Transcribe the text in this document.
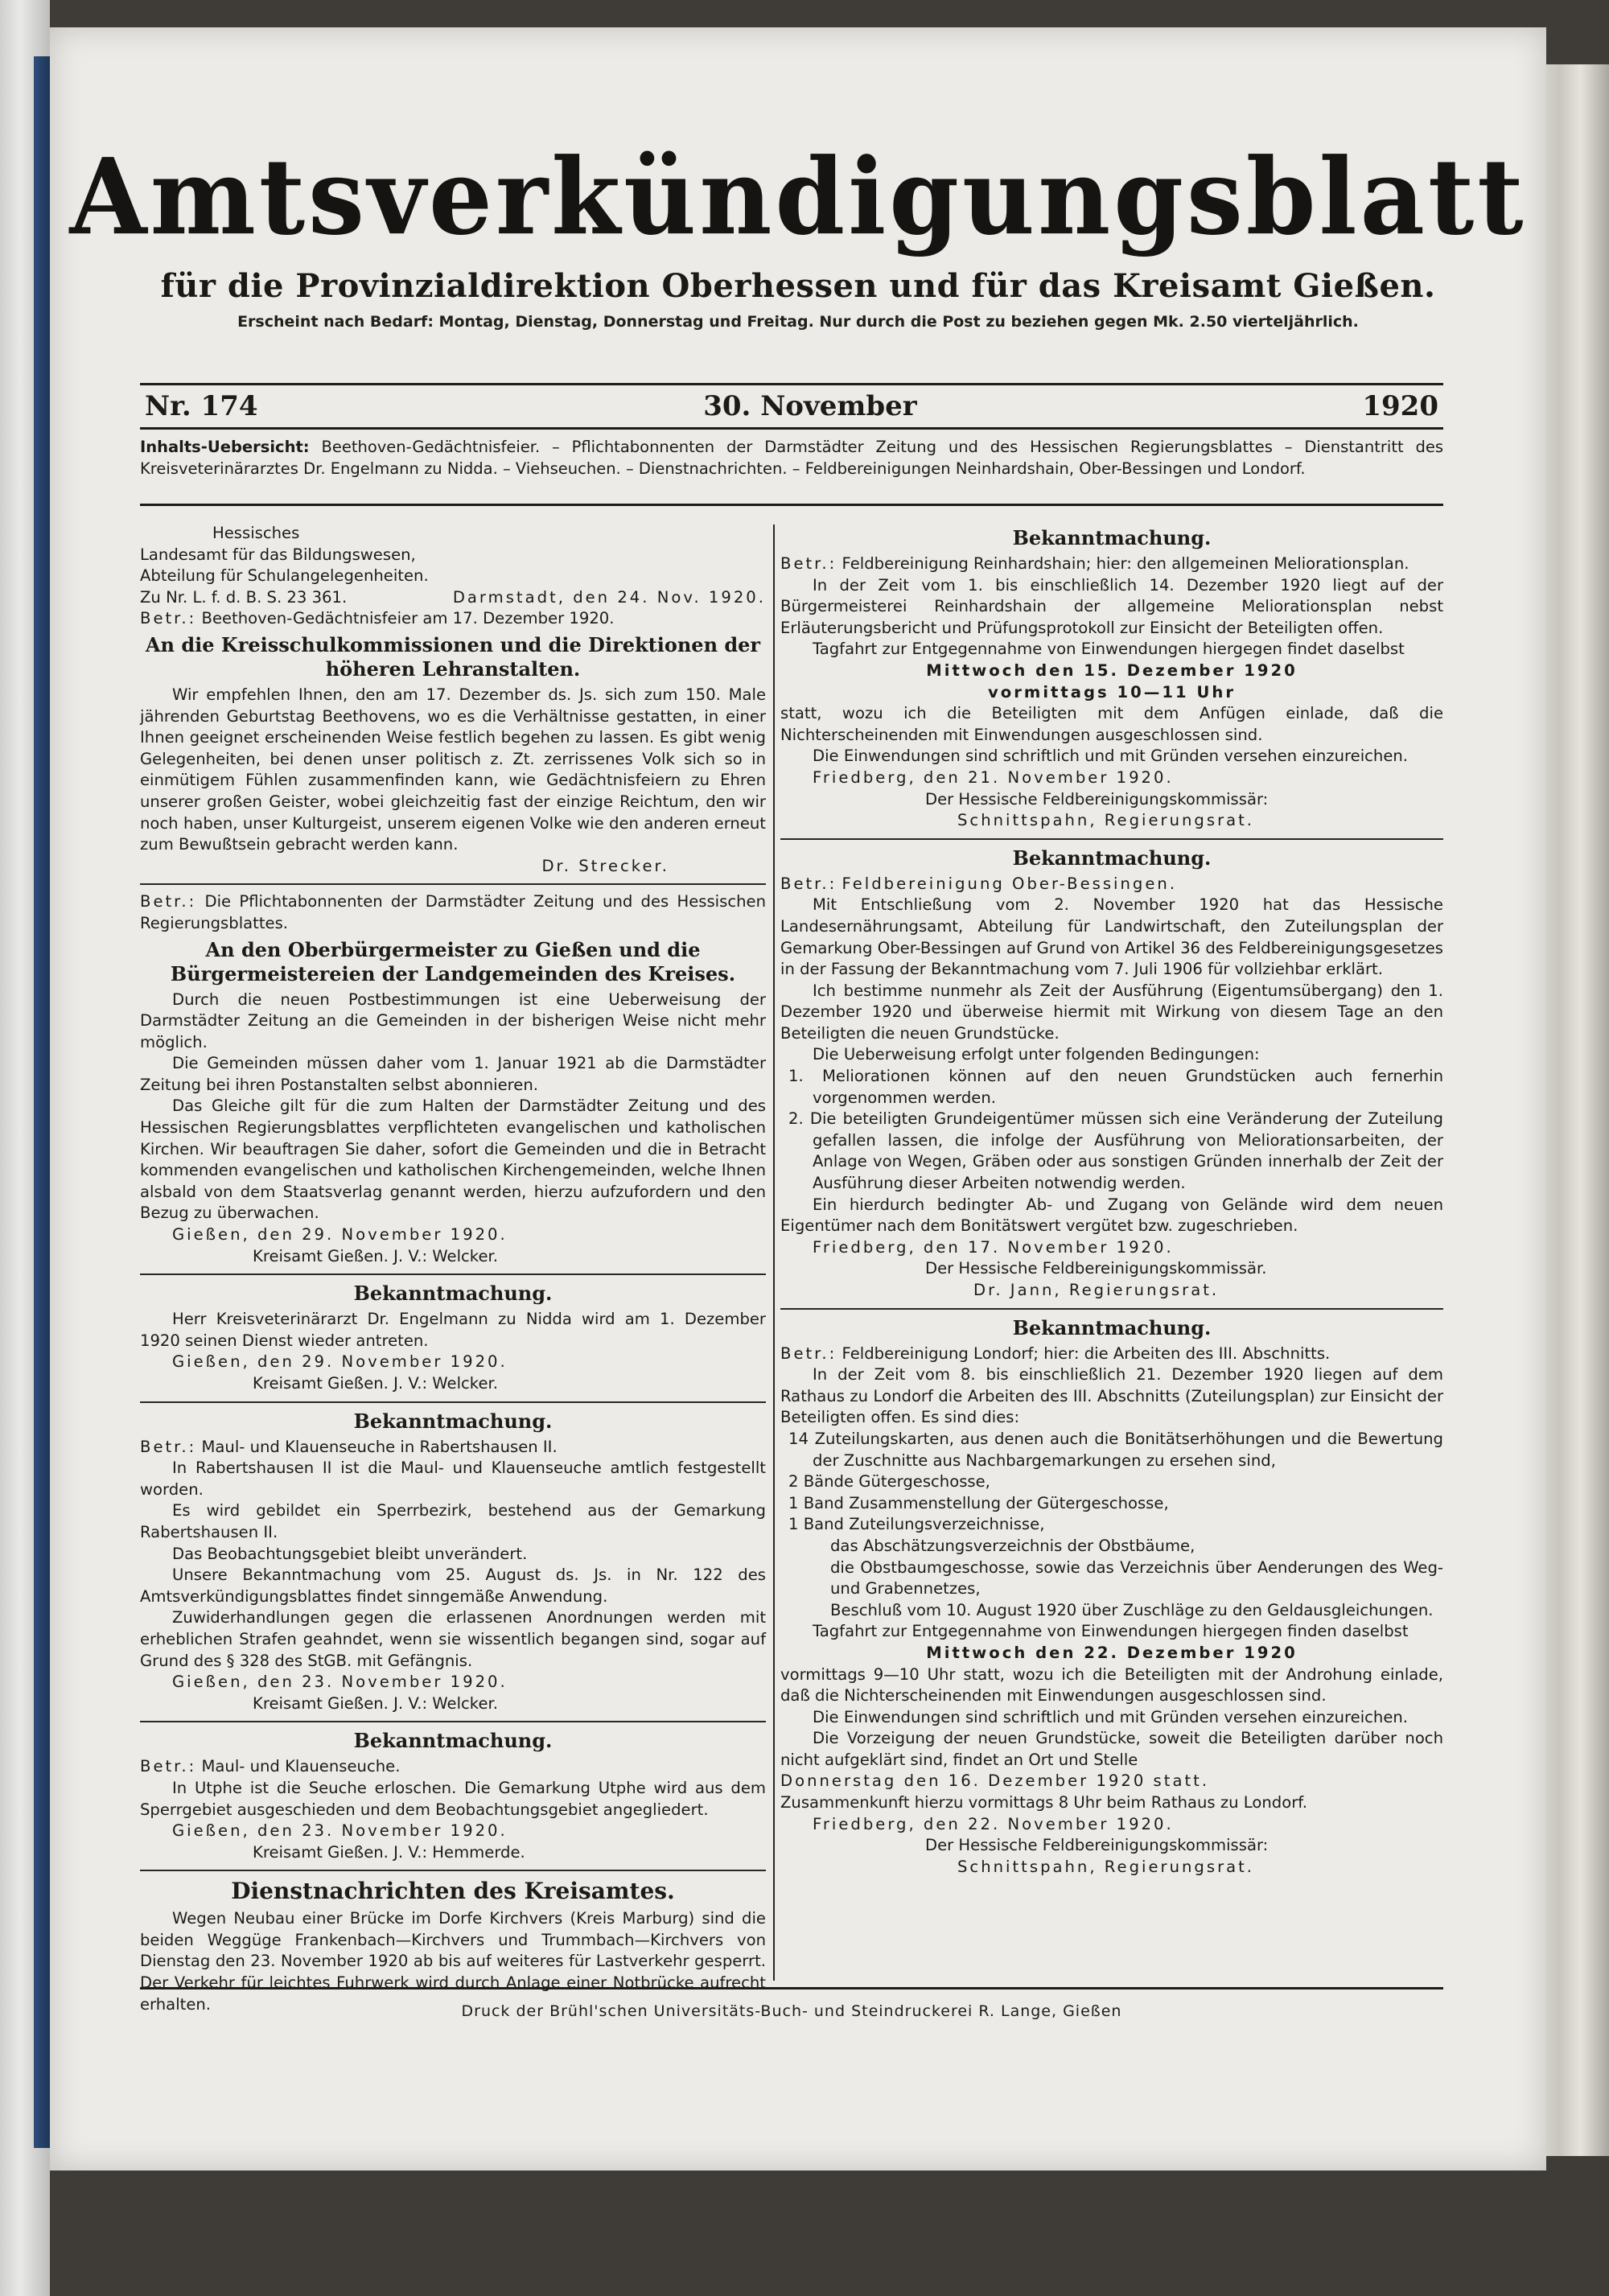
Amtsverkündigungsblatt
für die Provinzialdirektion Oberhessen und für das Kreisamt Gießen.
Erscheint nach Bedarf: Montag, Dienstag, Donnerstag und Freitag. Nur durch die Post zu beziehen gegen Mk. 2.50 vierteljährlich.
Nr. 174	30. November	1920
Inhalts-Uebersicht: Beethoven-Gedächtnisfeier. – Pflichtabonnenten der Darmstädter Zeitung und des Hessischen Regierungsblattes – Dienstantritt des Kreisveterinärarztes Dr. Engelmann zu Nidda. – Viehseuchen. – Dienstnachrichten. – Feldbereinigungen Neinhardshain, Ober-Bessingen und Londorf.

Hessisches

Landesamt für das Bildungswesen,

Abteilung für Schulangelegenheiten.

Zu Nr. L. f. d. B. S. 23 361.	Darmstadt, den 24. Nov. 1920.

Betr.: Beethoven-Gedächtnisfeier am 17. Dezember 1920.

An die Kreisschulkommissionen und die Direktionen der höheren Lehranstalten.

Wir empfehlen Ihnen, den am 17. Dezember ds. Js. sich zum 150. Male jährenden Geburtstag Beethovens, wo es die Verhältnisse gestatten, in einer Ihnen geeignet erscheinenden Weise festlich begehen zu lassen. Es gibt wenig Gelegenheiten, bei denen unser politisch z. Zt. zerrissenes Volk sich so in einmütigem Fühlen zusammenfinden kann, wie Gedächtnisfeiern zu Ehren unserer großen Geister, wobei gleichzeitig fast der einzige Reichtum, den wir noch haben, unser Kulturgeist, unserem eigenen Volke wie den anderen erneut zum Bewußtsein gebracht werden kann.

Dr. Strecker.

Betr.: Die Pflichtabonnenten der Darmstädter Zeitung und des Hessischen Regierungsblattes.

An den Oberbürgermeister zu Gießen und die Bürgermeistereien der Landgemeinden des Kreises.

Durch die neuen Postbestimmungen ist eine Ueberweisung der Darmstädter Zeitung an die Gemeinden in der bisherigen Weise nicht mehr möglich.

Die Gemeinden müssen daher vom 1. Januar 1921 ab die Darmstädter Zeitung bei ihren Postanstalten selbst abonnieren.

Das Gleiche gilt für die zum Halten der Darmstädter Zeitung und des Hessischen Regierungsblattes verpflichteten evangelischen und katholischen Kirchen. Wir beauftragen Sie daher, sofort die Gemeinden und die in Betracht kommenden evangelischen und katholischen Kirchengemeinden, welche Ihnen alsbald von dem Staatsverlag genannt werden, hierzu aufzufordern und den Bezug zu überwachen.

Gießen, den 29. November 1920.

Kreisamt Gießen. J. V.: Welcker.

Bekanntmachung.

Herr Kreisveterinärarzt Dr. Engelmann zu Nidda wird am 1. Dezember 1920 seinen Dienst wieder antreten.

Gießen, den 29. November 1920.

Kreisamt Gießen. J. V.: Welcker.

Bekanntmachung.

Betr.: Maul- und Klauenseuche in Rabertshausen II.

In Rabertshausen II ist die Maul- und Klauenseuche amtlich festgestellt worden.

Es wird gebildet ein Sperrbezirk, bestehend aus der Gemarkung Rabertshausen II.

Das Beobachtungsgebiet bleibt unverändert.

Unsere Bekanntmachung vom 25. August ds. Js. in Nr. 122 des Amtsverkündigungsblattes findet sinngemäße Anwendung.

Zuwiderhandlungen gegen die erlassenen Anordnungen werden mit erheblichen Strafen geahndet, wenn sie wissentlich begangen sind, sogar auf Grund des § 328 des StGB. mit Gefängnis.

Gießen, den 23. November 1920.

Kreisamt Gießen. J. V.: Welcker.

Bekanntmachung.

Betr.: Maul- und Klauenseuche.

In Utphe ist die Seuche erloschen. Die Gemarkung Utphe wird aus dem Sperrgebiet ausgeschieden und dem Beobachtungsgebiet angegliedert.

Gießen, den 23. November 1920.

Kreisamt Gießen. J. V.: Hemmerde.

Dienstnachrichten des Kreisamtes.

Wegen Neubau einer Brücke im Dorfe Kirchvers (Kreis Marburg) sind die beiden Weggüge Frankenbach—Kirchvers und Trummbach—Kirchvers von Dienstag den 23. November 1920 ab bis auf weiteres für Lastverkehr gesperrt. Der Verkehr für leichtes Fuhrwerk wird durch Anlage einer Notbrücke aufrecht erhalten.

Bekanntmachung.

Betr.: Feldbereinigung Reinhardshain; hier: den allgemeinen Meliorationsplan.

In der Zeit vom 1. bis einschließlich 14. Dezember 1920 liegt auf der Bürgermeisterei Reinhardshain der allgemeine Meliorationsplan nebst Erläuterungsbericht und Prüfungsprotokoll zur Einsicht der Beteiligten offen.

Tagfahrt zur Entgegennahme von Einwendungen hiergegen findet daselbst

Mittwoch den 15. Dezember 1920

vormittags 10—11 Uhr

statt, wozu ich die Beteiligten mit dem Anfügen einlade, daß die Nichterscheinenden mit Einwendungen ausgeschlossen sind.

Die Einwendungen sind schriftlich und mit Gründen versehen einzureichen.

Friedberg, den 21. November 1920.

Der Hessische Feldbereinigungskommissär:

Schnittspahn, Regierungsrat.

Bekanntmachung.

Betr.: Feldbereinigung Ober-Bessingen.

Mit Entschließung vom 2. November 1920 hat das Hessische Landesernährungsamt, Abteilung für Landwirtschaft, den Zuteilungsplan der Gemarkung Ober-Bessingen auf Grund von Artikel 36 des Feldbereinigungsgesetzes in der Fassung der Bekanntmachung vom 7. Juli 1906 für vollziehbar erklärt.

Ich bestimme nunmehr als Zeit der Ausführung (Eigentumsübergang) den 1. Dezember 1920 und überweise hiermit mit Wirkung von diesem Tage an den Beteiligten die neuen Grundstücke.

Die Ueberweisung erfolgt unter folgenden Bedingungen:

1. Meliorationen können auf den neuen Grundstücken auch fernerhin vorgenommen werden.

2. Die beteiligten Grundeigentümer müssen sich eine Veränderung der Zuteilung gefallen lassen, die infolge der Ausführung von Meliorationsarbeiten, der Anlage von Wegen, Gräben oder aus sonstigen Gründen innerhalb der Zeit der Ausführung dieser Arbeiten notwendig werden.

Ein hierdurch bedingter Ab- und Zugang von Gelände wird dem neuen Eigentümer nach dem Bonitätswert vergütet bzw. zugeschrieben.

Friedberg, den 17. November 1920.

Der Hessische Feldbereinigungskommissär.

Dr. Jann, Regierungsrat.

Bekanntmachung.

Betr.: Feldbereinigung Londorf; hier: die Arbeiten des III. Abschnitts.

In der Zeit vom 8. bis einschließlich 21. Dezember 1920 liegen auf dem Rathaus zu Londorf die Arbeiten des III. Abschnitts (Zuteilungsplan) zur Einsicht der Beteiligten offen. Es sind dies:

14 Zuteilungskarten, aus denen auch die Bonitätserhöhungen und die Bewertung der Zuschnitte aus Nachbargemarkungen zu ersehen sind,

2 Bände Gütergeschosse,

1 Band Zusammenstellung der Gütergeschosse,

1 Band Zuteilungsverzeichnisse,

das Abschätzungsverzeichnis der Obstbäume,

die Obstbaumgeschosse, sowie das Verzeichnis über Aenderungen des Weg- und Grabennetzes,

Beschluß vom 10. August 1920 über Zuschläge zu den Geldausgleichungen.

Tagfahrt zur Entgegennahme von Einwendungen hiergegen finden daselbst

Mittwoch den 22. Dezember 1920

vormittags 9—10 Uhr statt, wozu ich die Beteiligten mit der Androhung einlade, daß die Nichterscheinenden mit Einwendungen ausgeschlossen sind.

Die Einwendungen sind schriftlich und mit Gründen versehen einzureichen.

Die Vorzeigung der neuen Grundstücke, soweit die Beteiligten darüber noch nicht aufgeklärt sind, findet an Ort und Stelle

Donnerstag den 16. Dezember 1920 statt.

Zusammenkunft hierzu vormittags 8 Uhr beim Rathaus zu Londorf.

Friedberg, den 22. November 1920.

Der Hessische Feldbereinigungskommissär:

Schnittspahn, Regierungsrat.

Druck der Brühl'schen Universitäts-Buch- und Steindruckerei R. Lange, Gießen
